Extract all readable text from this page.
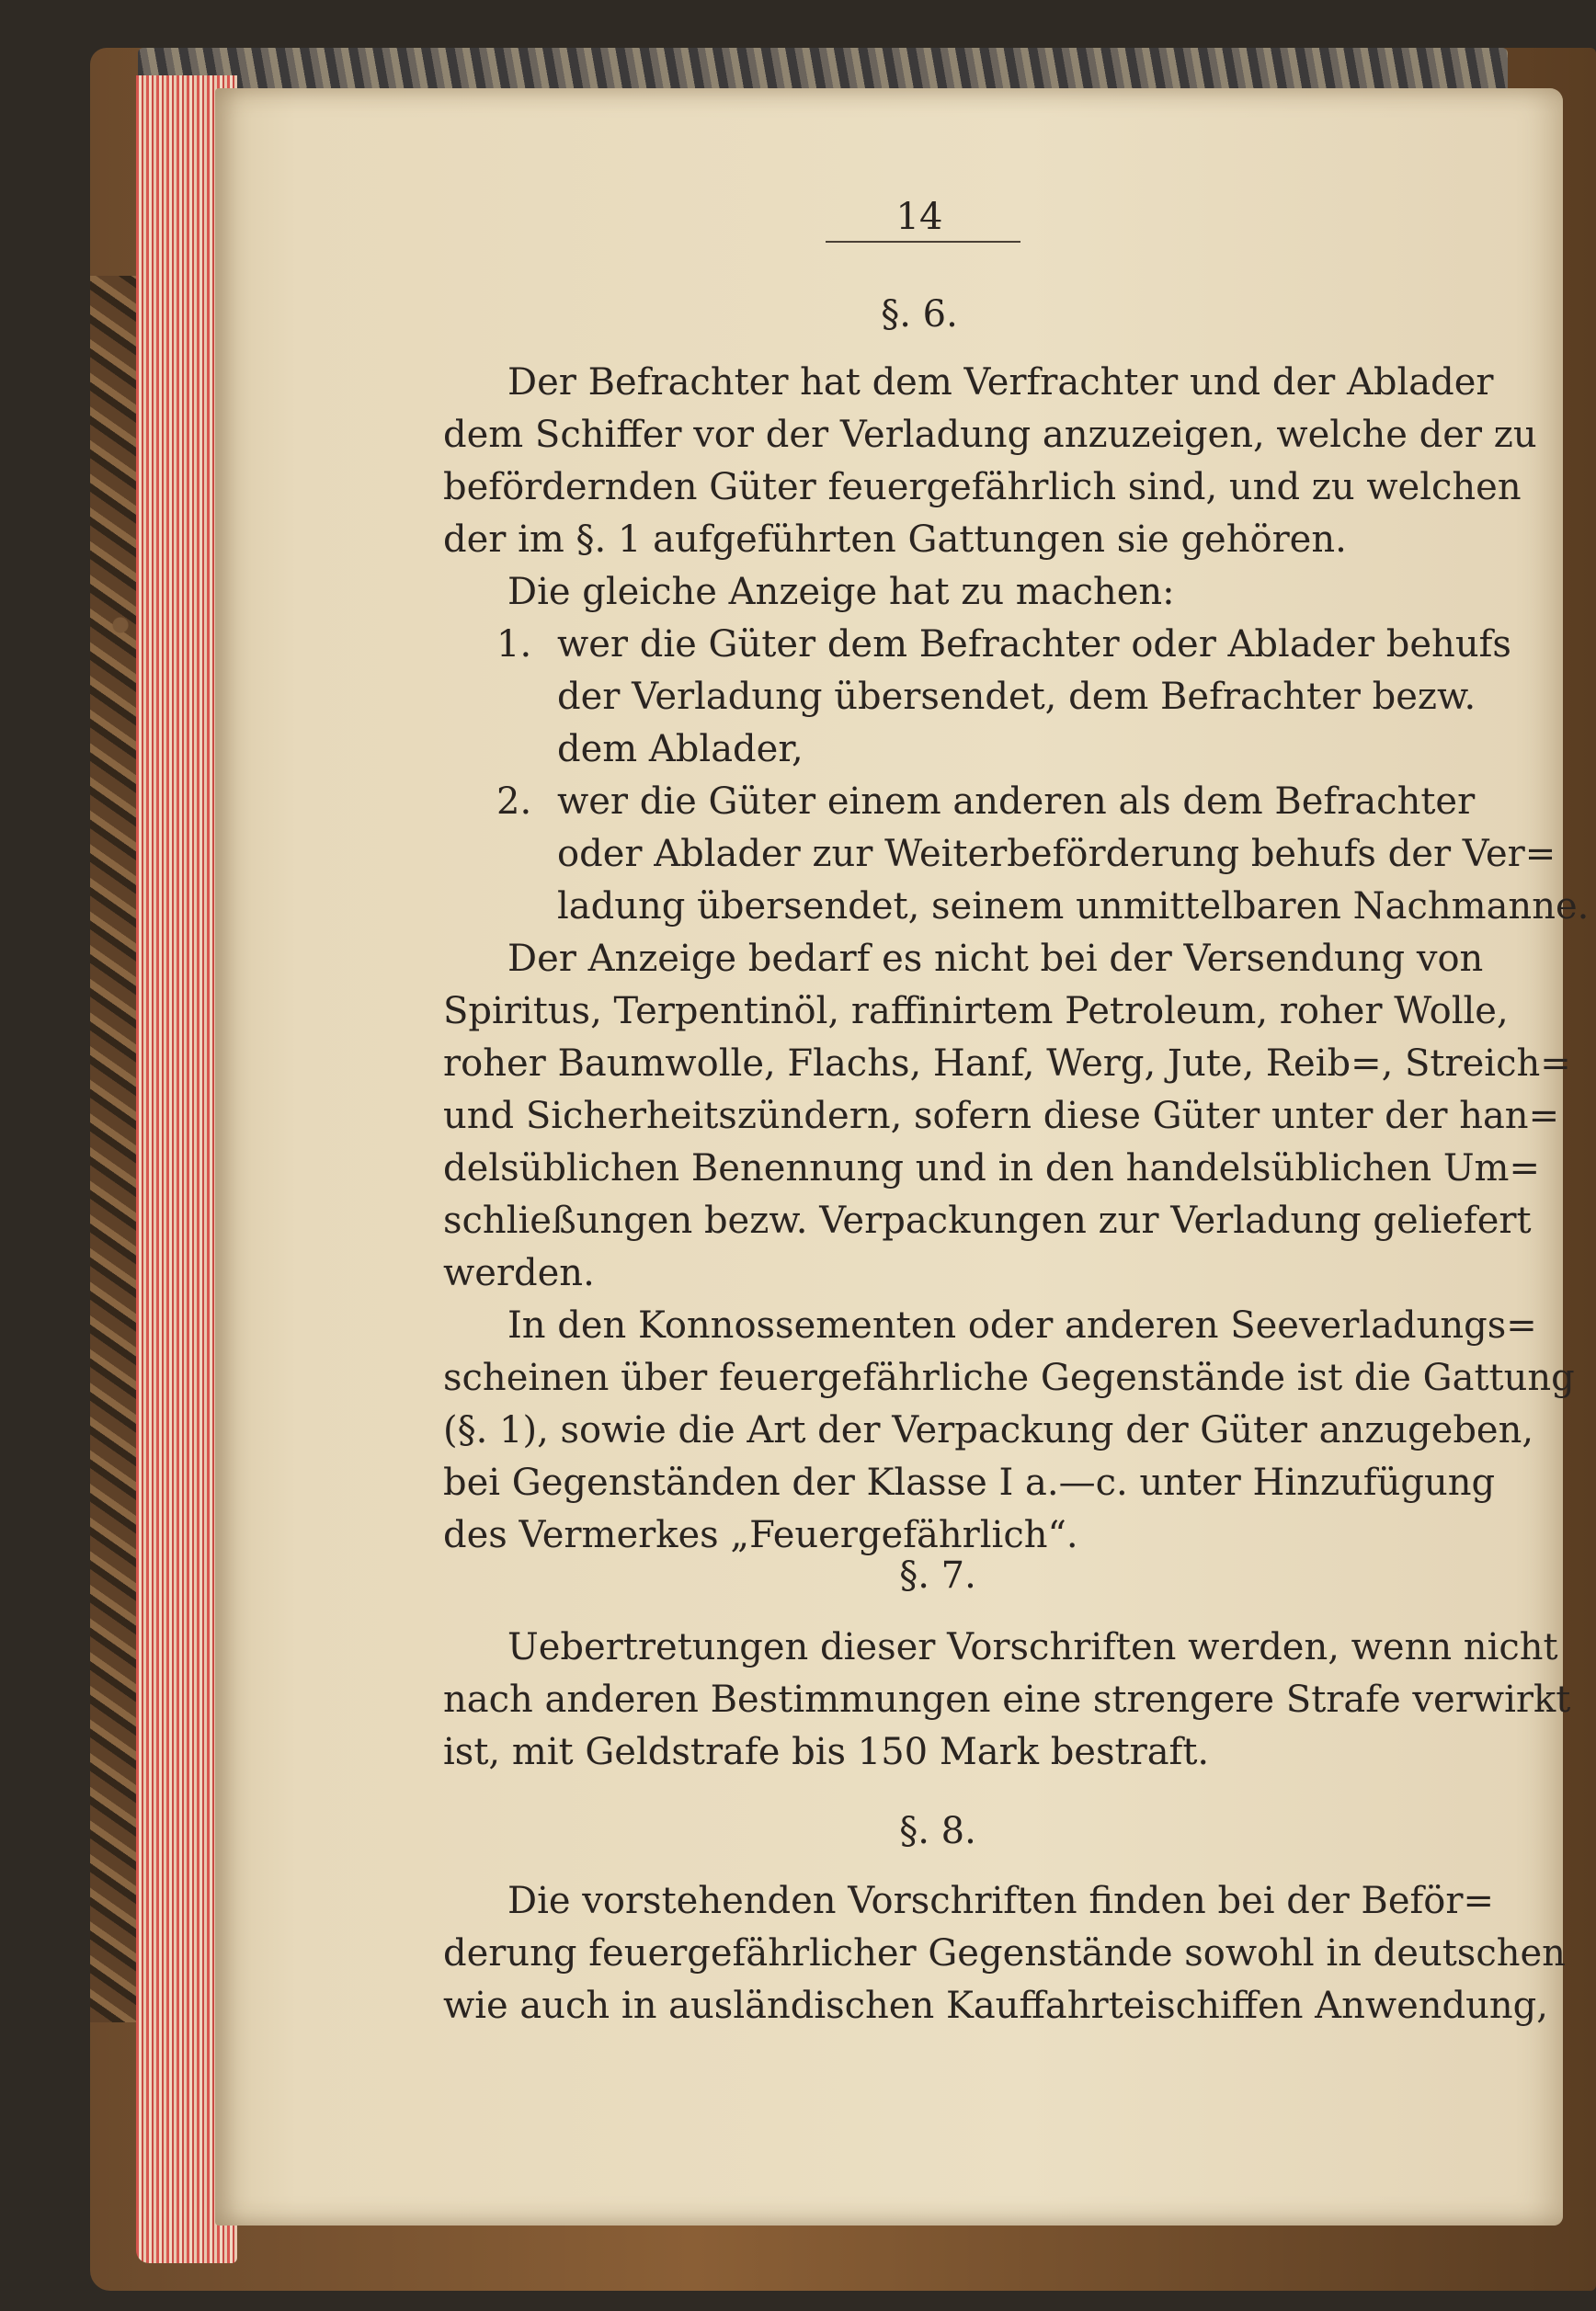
14
§. 6.
Der Befrachter hat dem Verfrachter und der Ablader
dem Schiffer vor der Verladung anzuzeigen, welche der zu
befördernden Güter feuergefährlich sind, und zu welchen
der im §. 1 aufgeführten Gattungen sie gehören.
Die gleiche Anzeige hat zu machen:
1. wer die Güter dem Befrachter oder Ablader behufs
der Verladung übersendet, dem Befrachter bezw.
dem Ablader,
2. wer die Güter einem anderen als dem Befrachter
oder Ablader zur Weiterbeförderung behufs der Ver=
ladung übersendet, seinem unmittelbaren Nachmanne.
Der Anzeige bedarf es nicht bei der Versendung von
Spiritus, Terpentinöl, raffinirtem Petroleum, roher Wolle,
roher Baumwolle, Flachs, Hanf, Werg, Jute, Reib=, Streich=
und Sicherheitszündern, sofern diese Güter unter der han=
delsüblichen Benennung und in den handelsüblichen Um=
schließungen bezw. Verpackungen zur Verladung geliefert
werden.
In den Konnossementen oder anderen Seeverladungs=
scheinen über feuergefährliche Gegenstände ist die Gattung
(§. 1), sowie die Art der Verpackung der Güter anzugeben,
bei Gegenständen der Klasse I a.—c. unter Hinzufügung
des Vermerkes „Feuergefährlich“.
§. 7.
Uebertretungen dieser Vorschriften werden, wenn nicht
nach anderen Bestimmungen eine strengere Strafe verwirkt
ist, mit Geldstrafe bis 150 Mark bestraft.
§. 8.
Die vorstehenden Vorschriften finden bei der Beför=
derung feuergefährlicher Gegenstände sowohl in deutschen
wie auch in ausländischen Kauffahrteischiffen Anwendung,
